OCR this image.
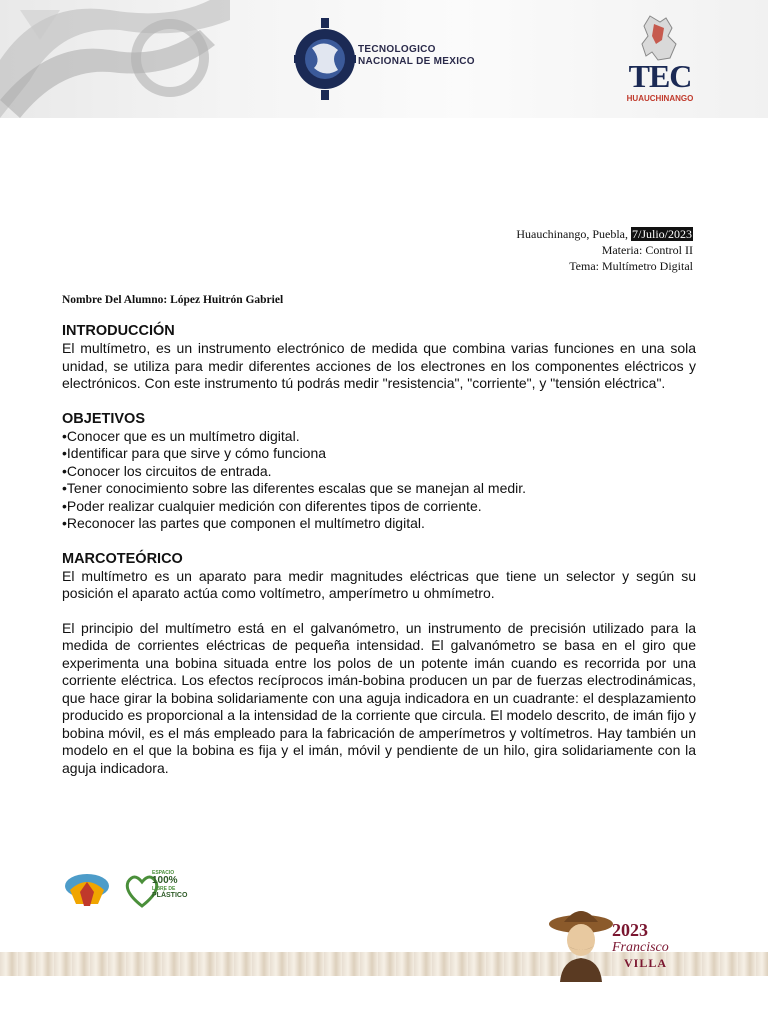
TECNOLOGICO
NACIONAL DE MEXICO	TEC
HUAUCHINANGO
Huauchinango, Puebla, 7/Julio/2023
Materia: Control II
Tema: Multímetro Digital
Nombre Del Alumno: López Huitrón Gabriel
INTRODUCCIÓN

El multímetro, es un instrumento electrónico de medida que combina varias funciones en una sola unidad, se utiliza para medir diferentes acciones de los electrones en los componentes eléctricos y electrónicos. Con este instrumento tú podrás medir "resistencia", "corriente", y "tensión eléctrica".

OBJETIVOS
• Conocer que es un multímetro digital.
• Identificar para que sirve y cómo funciona
• Conocer los circuitos de entrada.
• Tener conocimiento sobre las diferentes escalas que se manejan al medir.
• Poder realizar cualquier medición con diferentes tipos de corriente.
• Reconocer las partes que componen el multímetro digital.
MARCOTEÓRICO

El multímetro es un aparato para medir magnitudes eléctricas que tiene un selector y según su posición el aparato actúa como voltímetro, amperímetro u ohmímetro.

El principio del multímetro está en el galvanómetro, un instrumento de precisión utilizado para la medida de corrientes eléctricas de pequeña intensidad. El galvanómetro se basa en el giro que experimenta una bobina situada entre los polos de un potente imán cuando es recorrida por una corriente eléctrica. Los efectos recíprocos imán-bobina producen un par de fuerzas electrodinámicas, que hace girar la bobina solidariamente con una aguja indicadora en un cuadrante: el desplazamiento producido es proporcional a la intensidad de la corriente que circula. El modelo descrito, de imán fijo y bobina móvil, es el más empleado para la fabricación de amperímetros y voltímetros. Hay también un modelo en el que la bobina es fija y el imán, móvil y pendiente de un hilo, gira solidariamente con la aguja indicadora.

ESPACIO
100%
LIBRE DE
PLÁSTICO
2023
Francisco
VILLA
